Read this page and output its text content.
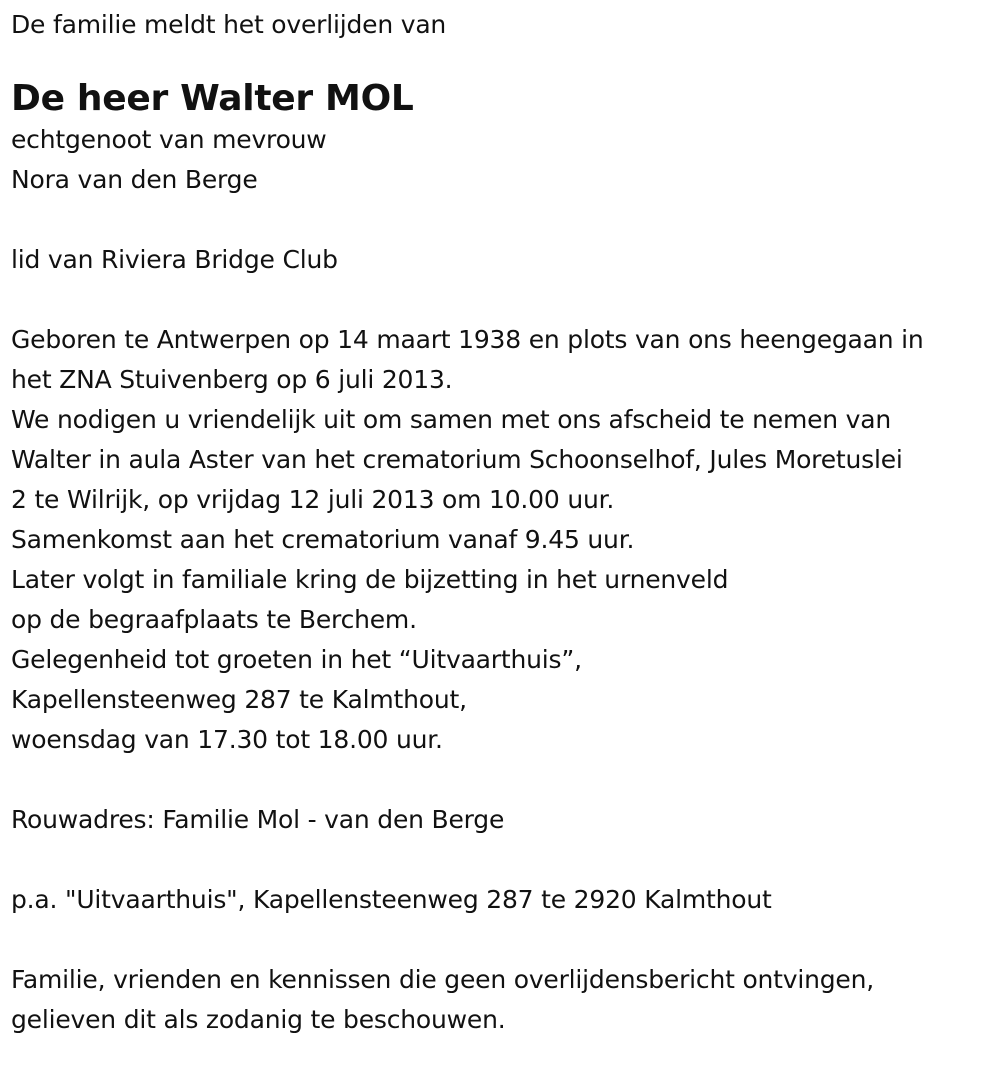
De familie meldt het overlijden van
De heer Walter MOL
echtgenoot van mevrouw
Nora van den Berge
lid van Riviera Bridge Club
Geboren te Antwerpen op 14 maart 1938 en plots van ons heengegaan in
het ZNA Stuivenberg op 6 juli 2013.
We nodigen u vriendelijk uit om samen met ons afscheid te nemen van
Walter in aula Aster van het crematorium Schoonselhof, Jules Moretuslei
2 te Wilrijk, op vrijdag 12 juli 2013 om 10.00 uur.
Samenkomst aan het crematorium vanaf 9.45 uur.
Later volgt in familiale kring de bijzetting in het urnenveld
op de begraafplaats te Berchem.
Gelegenheid tot groeten in het “Uitvaarthuis”,
Kapellensteenweg 287 te Kalmthout,
woensdag van 17.30 tot 18.00 uur.
Rouwadres: Familie Mol - van den Berge
p.a. "Uitvaarthuis", Kapellensteenweg 287 te 2920 Kalmthout
Familie, vrienden en kennissen die geen overlijdensbericht ontvingen,
gelieven dit als zodanig te beschouwen.
